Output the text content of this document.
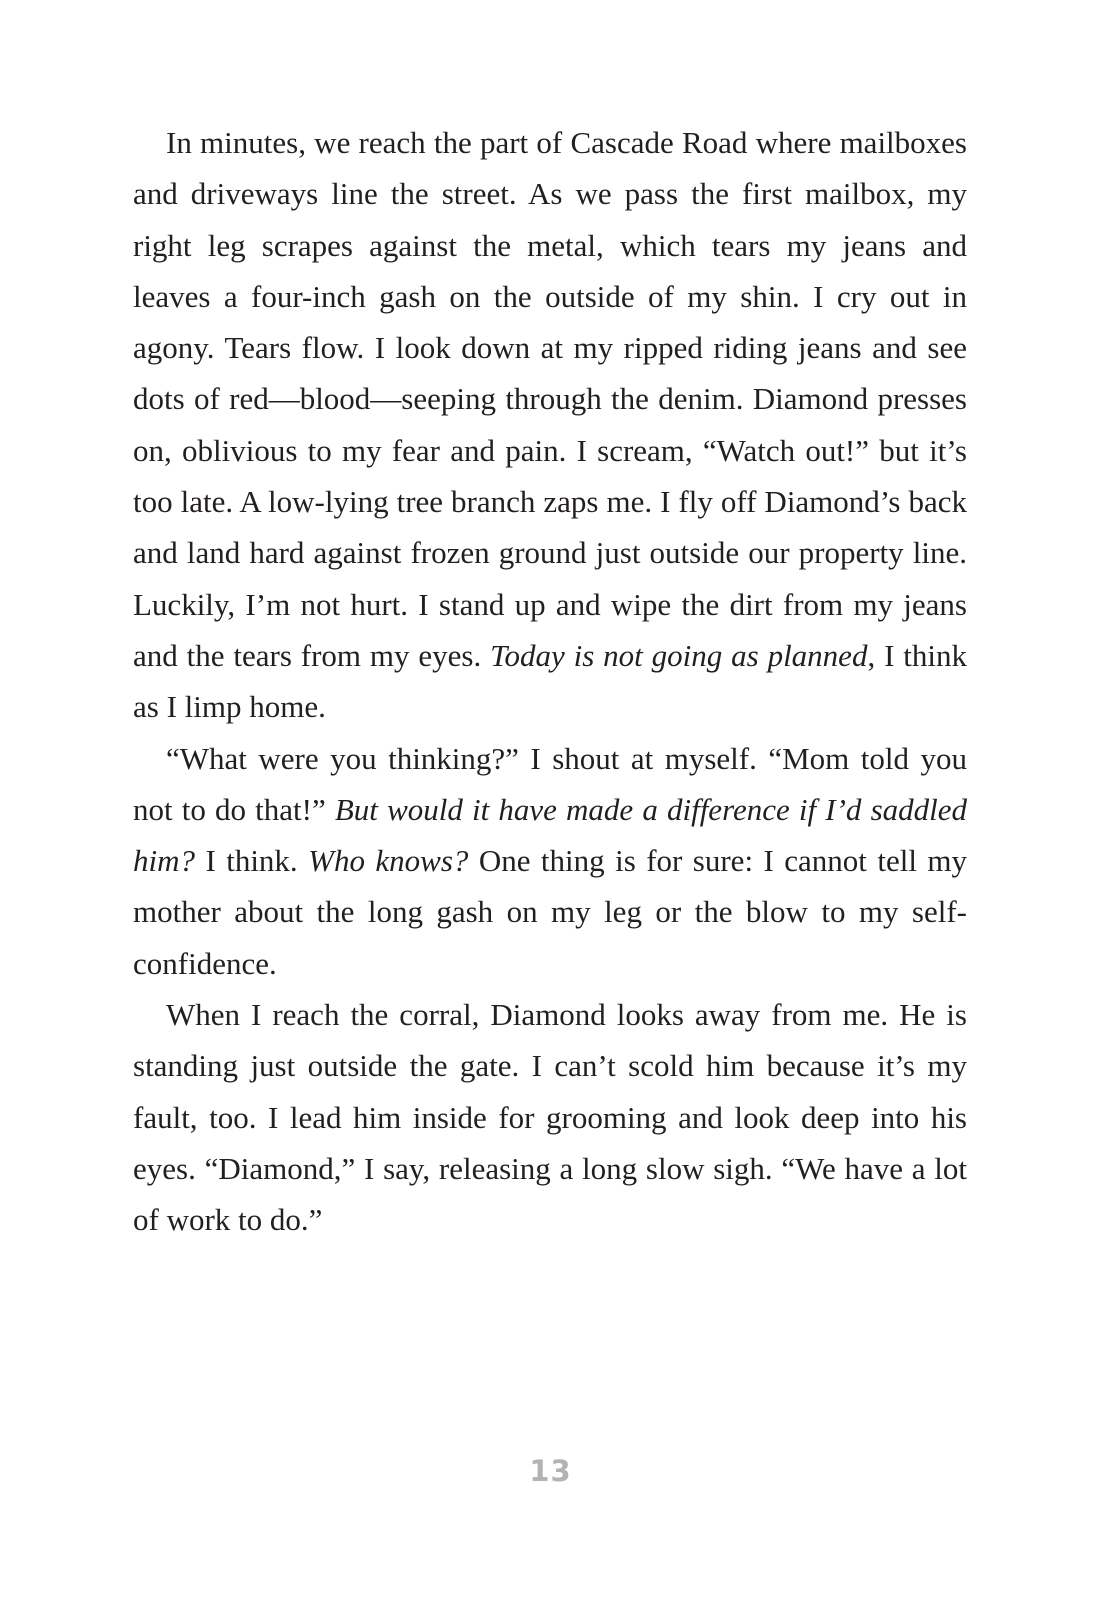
In minutes, we reach the part of Cascade Road where mailboxes and driveways line the street. As we pass the first mailbox, my right leg scrapes against the metal, which tears my jeans and leaves a four-inch gash on the outside of my shin. I cry out in agony. Tears flow. I look down at my ripped riding jeans and see dots of red—blood—seeping through the denim. Diamond presses on, oblivious to my fear and pain. I scream, “Watch out!” but it’s too late. A low-lying tree branch zaps me. I fly off Diamond’s back and land hard against frozen ground just outside our property line. Luckily, I’m not hurt. I stand up and wipe the dirt from my jeans and the tears from my eyes. Today is not going as planned, I think as I limp home.

“What were you thinking?” I shout at myself. “Mom told you not to do that!” But would it have made a difference if I’d saddled him? I think. Who knows? One thing is for sure: I cannot tell my mother about the long gash on my leg or the blow to my self-confidence.

When I reach the corral, Diamond looks away from me. He is standing just outside the gate. I can’t scold him because it’s my fault, too. I lead him inside for grooming and look deep into his eyes. “Diamond,” I say, releasing a long slow sigh. “We have a lot of work to do.”

13
